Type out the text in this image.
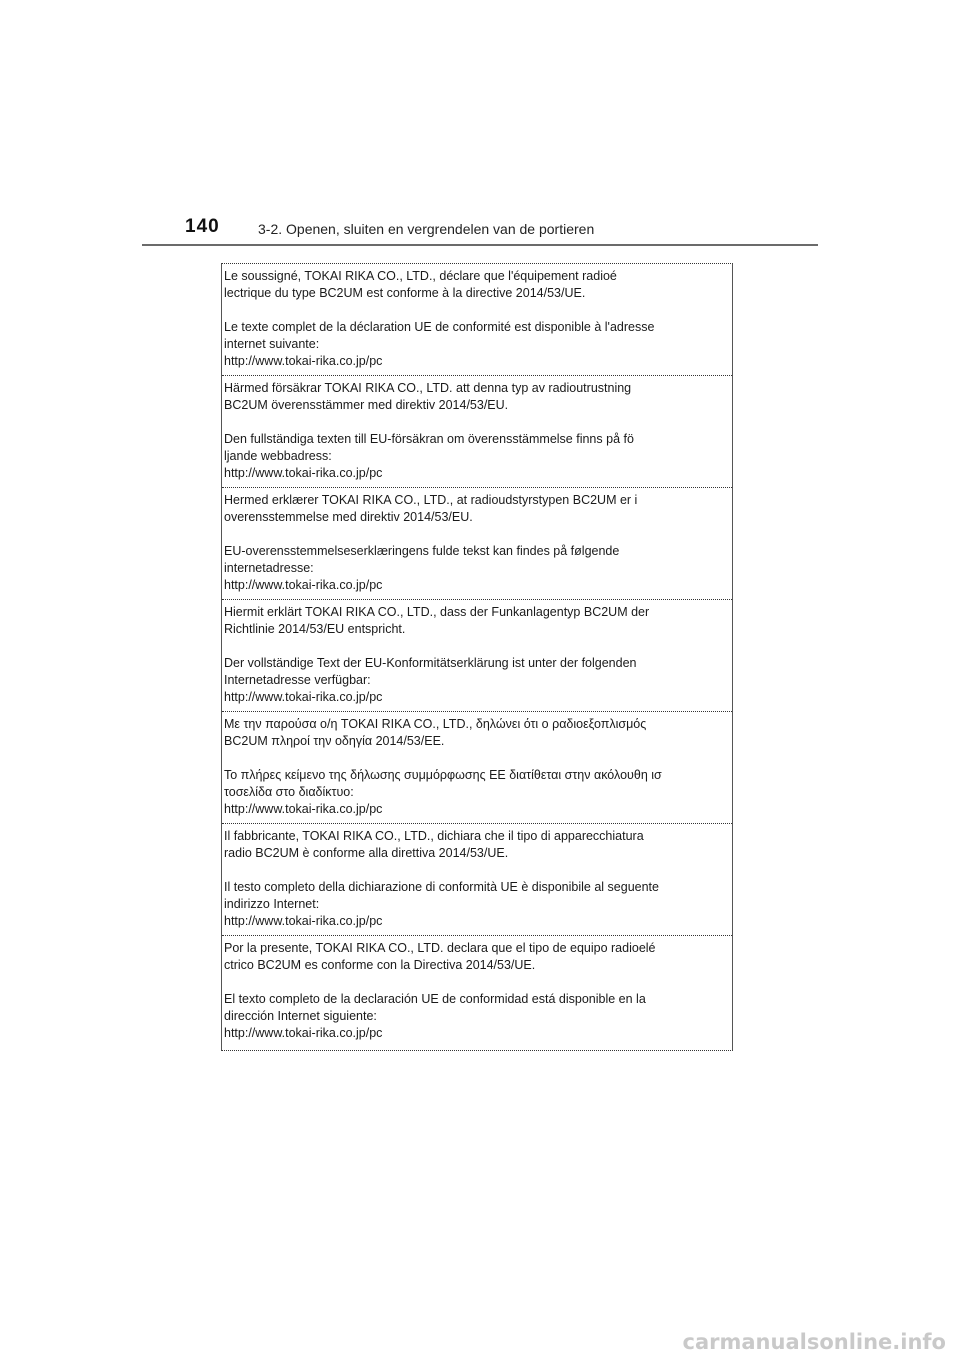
140	3-2. Openen, sluiten en vergrendelen van de portieren

Le soussigné, TOKAI RIKA CO., LTD., déclare que l'équipement radioé

lectrique du type BC2UM est conforme à la directive 2014/53/UE.

Le texte complet de la déclaration UE de conformité est disponible à l'adresse

internet suivante:

http://www.tokai-rika.co.jp/pc

Härmed försäkrar TOKAI RIKA CO., LTD. att denna typ av radioutrustning

BC2UM överensstämmer med direktiv 2014/53/EU.

Den fullständiga texten till EU-försäkran om överensstämmelse finns på fö

ljande webbadress:

http://www.tokai-rika.co.jp/pc

Hermed erklærer TOKAI RIKA CO., LTD., at radioudstyrstypen BC2UM er i

overensstemmelse med direktiv 2014/53/EU.

EU-overensstemmelseserklæringens fulde tekst kan findes på følgende

internetadresse:

http://www.tokai-rika.co.jp/pc

Hiermit erklärt TOKAI RIKA CO., LTD., dass der Funkanlagentyp BC2UM der

Richtlinie 2014/53/EU entspricht.

Der vollständige Text der EU-Konformitätserklärung ist unter der folgenden

Internetadresse verfügbar:

http://www.tokai-rika.co.jp/pc

Με την παρούσα ο/η TOKAI RIKA CO., LTD., δηλώνει ότι ο ραδιοεξοπλισμός

BC2UM πληροί την οδηγία 2014/53/ΕΕ.

Το πλήρες κείμενο της δήλωσης συμμόρφωσης ΕΕ διατίθεται στην ακόλουθη ισ

τοσελίδα στο διαδίκτυο:

http://www.tokai-rika.co.jp/pc

Il fabbricante, TOKAI RIKA CO., LTD., dichiara che il tipo di apparecchiatura

radio BC2UM è conforme alla direttiva 2014/53/UE.

Il testo completo della dichiarazione di conformità UE è disponibile al seguente

indirizzo Internet:

http://www.tokai-rika.co.jp/pc

Por la presente, TOKAI RIKA CO., LTD. declara que el tipo de equipo radioelé

ctrico BC2UM es conforme con la Directiva 2014/53/UE.

El texto completo de la declaración UE de conformidad está disponible en la

dirección Internet siguiente:

http://www.tokai-rika.co.jp/pc

carmanualsonline.info
